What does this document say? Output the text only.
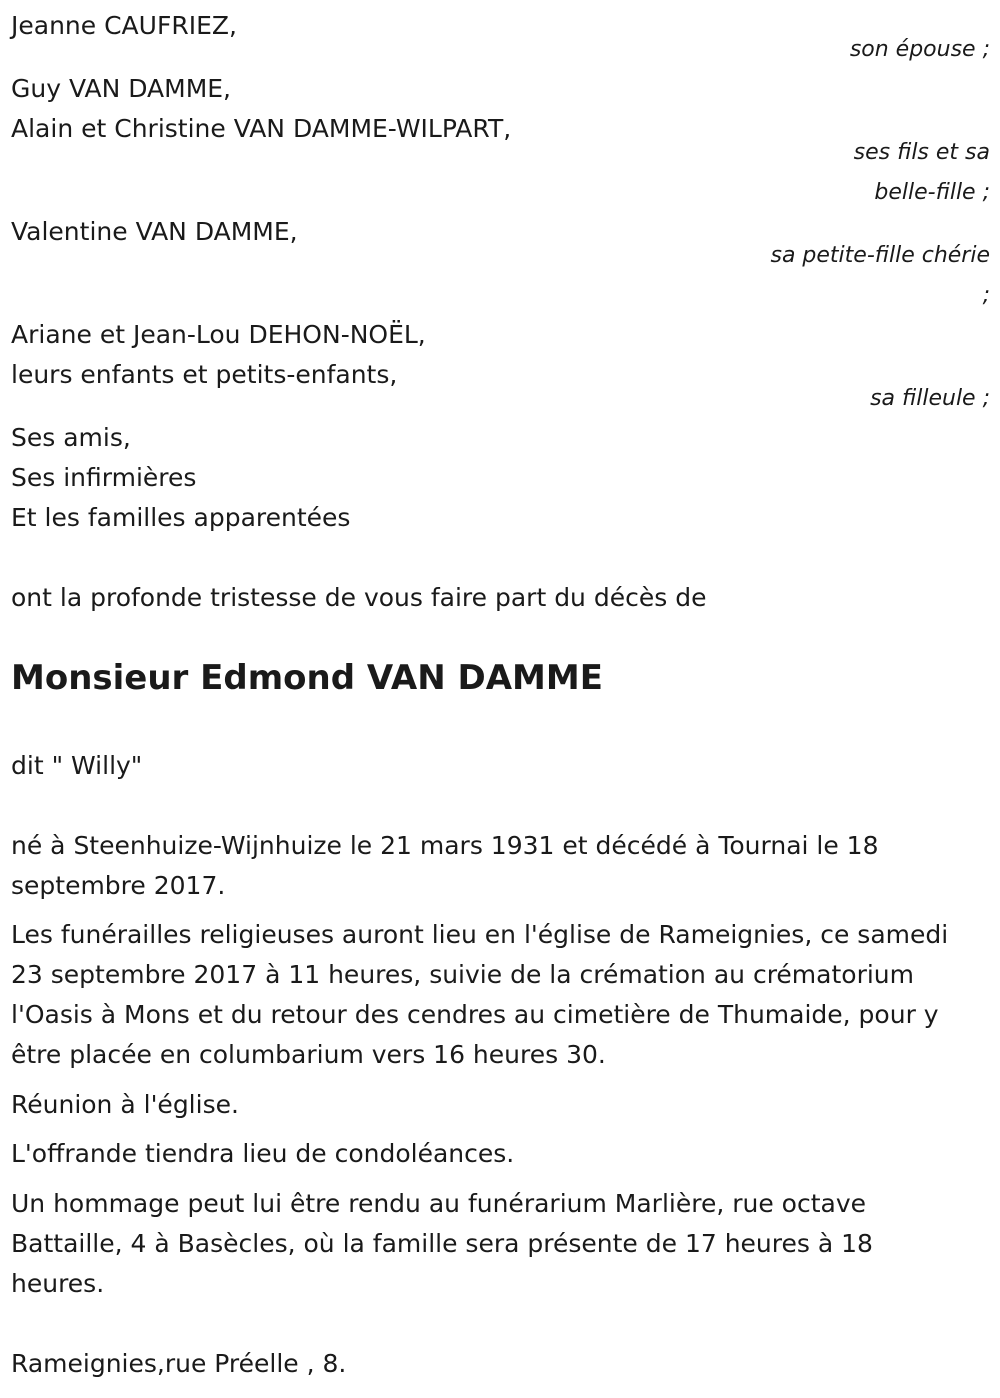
Jeanne CAUFRIEZ,

son épouse ;

Guy VAN DAMME,

Alain et Christine VAN DAMME-WILPART,

ses fils et sa

belle-fille ;

Valentine VAN DAMME,

sa petite-fille chérie

;

Ariane et Jean-Lou DEHON-NOËL,

leurs enfants et petits-enfants,

sa filleule ;

Ses amis,

Ses infirmières

Et les familles apparentées

ont la profonde tristesse de vous faire part du décès de

Monsieur Edmond VAN DAMME

dit " Willy"

né à Steenhuize-Wijnhuize le 21 mars 1931 et décédé à Tournai le 18 septembre 2017.

Les funérailles religieuses auront lieu en l'église de Rameignies, ce samedi 23 septembre 2017 à 11 heures, suivie de la crémation au crématorium l'Oasis à Mons et du retour des cendres au cimetière de Thumaide, pour y être placée en columbarium vers 16 heures 30.

Réunion à l'église.

L'offrande tiendra lieu de condoléances.

Un hommage peut lui être rendu au funérarium Marlière, rue octave Battaille, 4 à Basècles, où la famille sera présente de 17 heures à 18 heures.

Rameignies,rue Préelle , 8.
